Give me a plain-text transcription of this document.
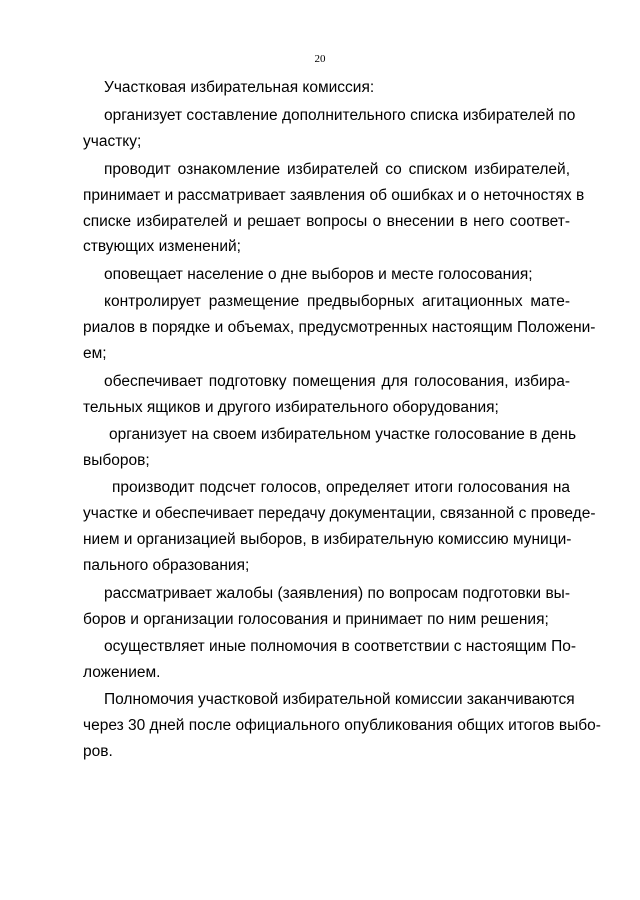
20
Участковая избирательная комиссия:
организует составление дополнительного списка избирателей по
участку;
проводит ознакомление избирателей со списком избирателей,
принимает и рассматривает заявления об ошибках и о неточностях в
списке избирателей и решает вопросы о внесении в него соответ-
ствующих изменений;
оповещает население о дне выборов и месте голосования;
контролирует размещение предвыборных агитационных мате-
риалов в порядке и объемах, предусмотренных настоящим Положени-
ем;
обеспечивает подготовку помещения для голосования, избира-
тельных ящиков и другого избирательного оборудования;
организует на своем избирательном участке голосование в день
выборов;
производит подсчет голосов, определяет итоги голосования на
участке и обеспечивает передачу документации, связанной с проведе-
нием и организацией выборов, в избирательную комиссию муници-
пального образования;
рассматривает жалобы (заявления) по вопросам подготовки вы-
боров и организации голосования и принимает по ним решения;
осуществляет иные полномочия в соответствии с настоящим По-
ложением.
Полномочия участковой избирательной комиссии заканчиваются
через 30 дней после официального опубликования общих итогов выбо-
ров.
